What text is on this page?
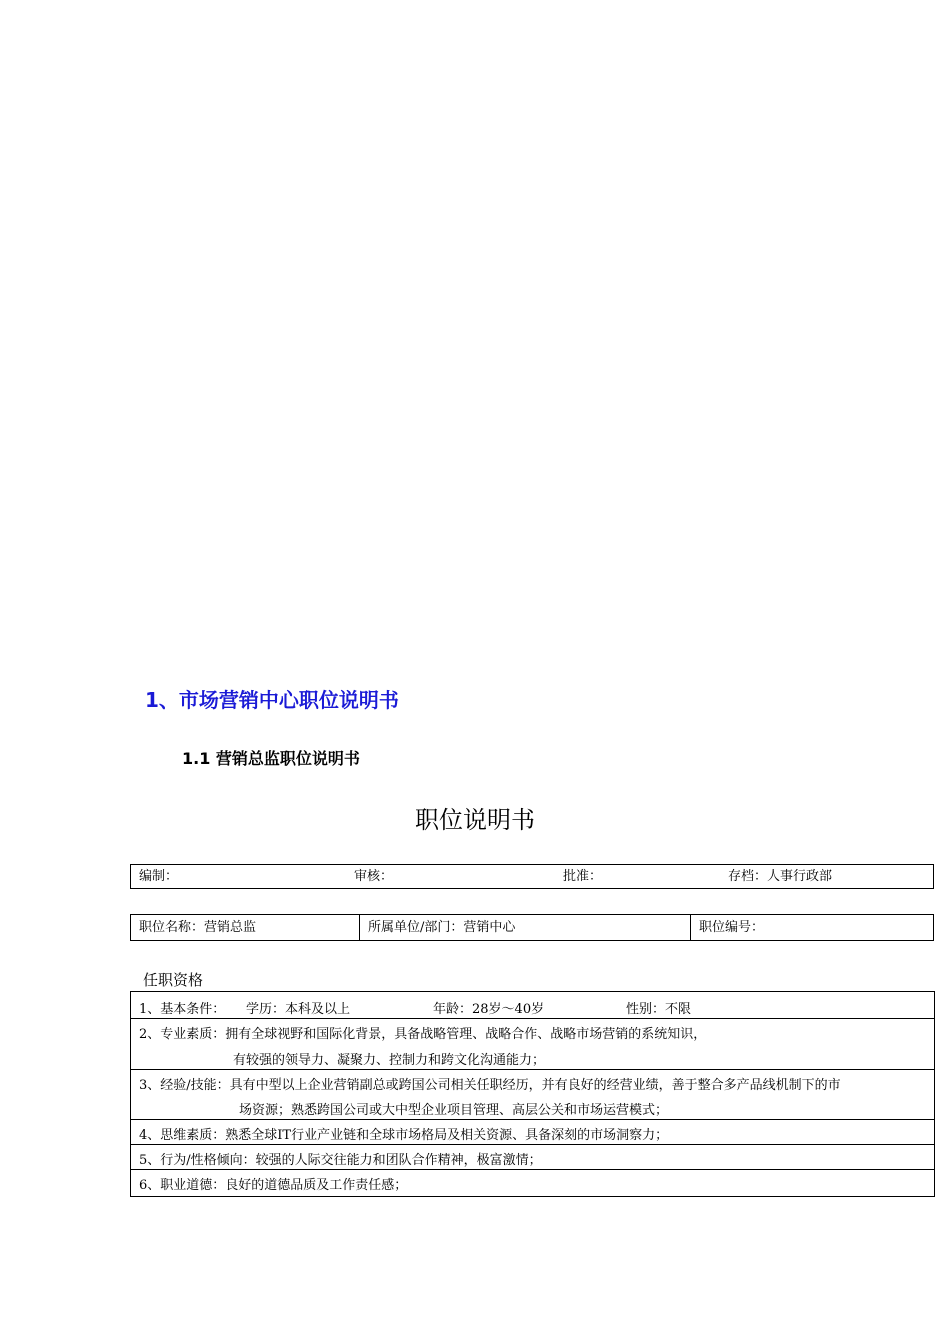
1、市场营销中心职位说明书
1.1 营销总监职位说明书
职位说明书
编制：	审核：	批准：	存档：人事行政部
职位名称：营销总监	所属单位/部门：营销中心	职位编号：
任职资格
1、基本条件： 学历：本科及以上	年龄：28岁～40岁	性别：不限
2、专业素质：拥有全球视野和国际化背景，具备战略管理、战略合作、战略市场营销的系统知识，
有较强的领导力、凝聚力、控制力和跨文化沟通能力；
3、经验/技能：具有中型以上企业营销副总或跨国公司相关任职经历，并有良好的经营业绩，善于整合多产品线机制下的市
场资源；熟悉跨国公司或大中型企业项目管理、高层公关和市场运营模式；
4、思维素质：熟悉全球IT行业产业链和全球市场格局及相关资源、具备深刻的市场洞察力；
5、行为/性格倾向：较强的人际交往能力和团队合作精神，极富激情；
6、职业道德：良好的道德品质及工作责任感；
